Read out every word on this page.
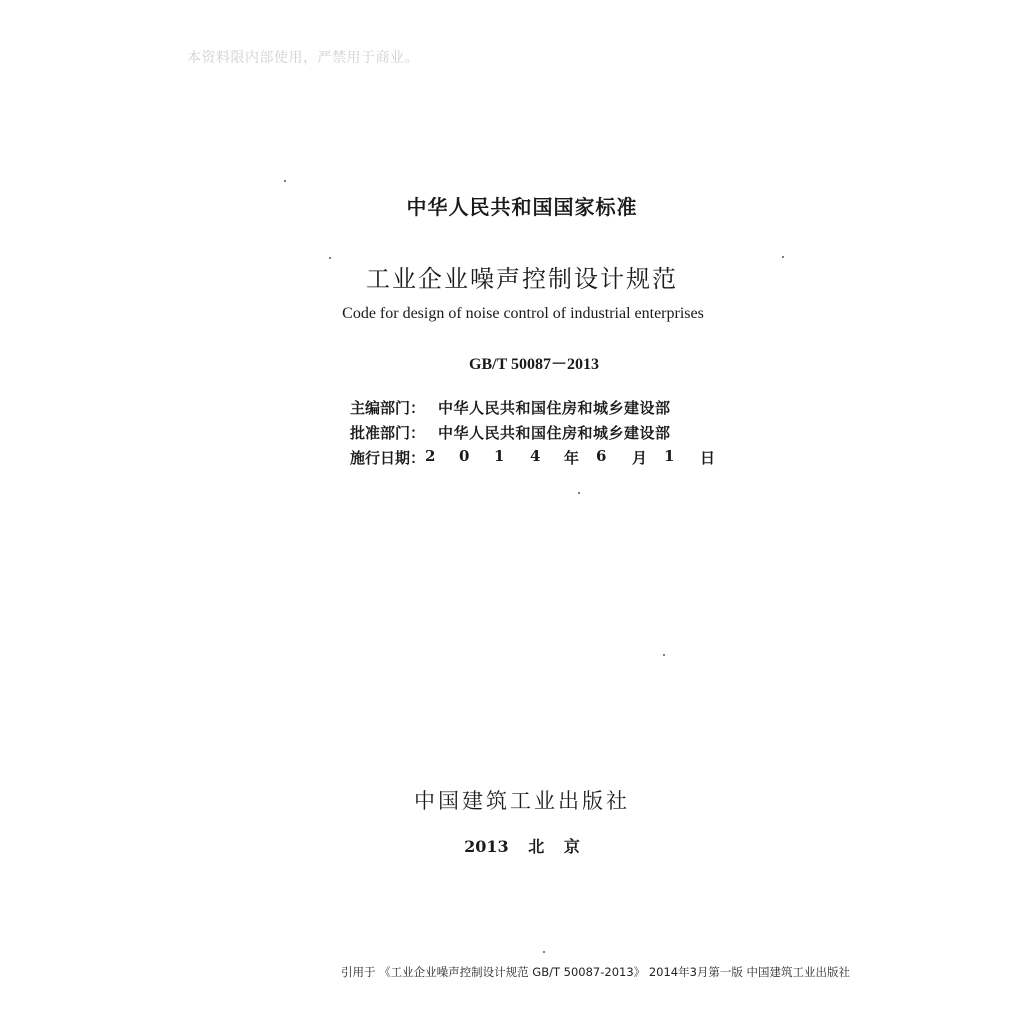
本资料限内部使用，严禁用于商业。
中华人民共和国国家标准
工业企业噪声控制设计规范
Code for design of noise control of industrial enterprises
GB/T 50087－2013
主编部门： 中华人民共和国住房和城乡建设部
批准部门： 中华人民共和国住房和城乡建设部
施行日期： 2	0	1	4	年	6	月	1	日
中国建筑工业出版社
2013 北 京
引用于 《工业企业噪声控制设计规范 GB/T 50087-2013》 2014年3月第一版 中国建筑工业出版社
